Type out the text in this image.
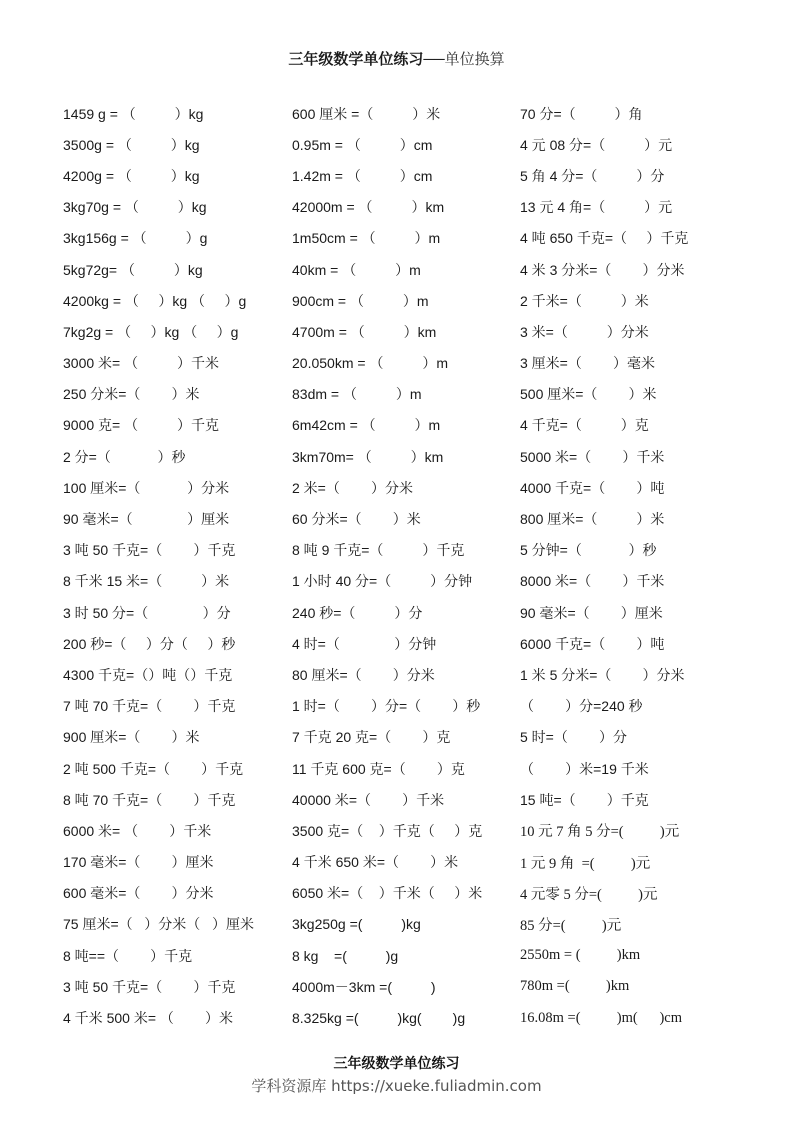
三年级数学单位练习──单位换算
1459 g = （          ）kg	600 厘米 =（          ）米	70 分=（          ）角
3500g = （          ）kg	0.95m = （          ）cm	4 元 08 分=（          ）元
4200g = （          ）kg	1.42m = （          ）cm	5 角 4 分=（          ）分
3kg70g = （          ）kg	42000m = （          ）km	13 元 4 角=（          ）元
3kg156g = （          ）g	1m50cm = （          ）m	4 吨 650 千克=（     ）千克
5kg72g= （          ）kg	40km = （          ）m	4 米 3 分米=（        ）分米
4200kg = （     ）kg （     ）g	900cm = （          ）m	2 千米=（          ）米
7kg2g = （     ）kg （     ）g	4700m = （          ）km	3 米=（          ）分米
3000 米= （          ）千米	20.050km = （          ）m	3 厘米=（        ）毫米
250 分米=（        ）米	83dm = （          ）m	500 厘米=（        ）米
9000 克= （          ）千克	6m42cm = （          ）m	4 千克=（          ）克
2 分=（            ）秒	3km70m= （          ）km	5000 米=（        ）千米
100 厘米=（            ）分米	2 米=（        ）分米	4000 千克=（        ）吨
90 毫米=（              ）厘米	60 分米=（        ）米	800 厘米=（          ）米
3 吨 50 千克=（        ）千克	8 吨 9 千克=（          ）千克	5 分钟=（            ）秒
8 千米 15 米=（          ）米	1 小时 40 分=（          ）分钟	8000 米=（        ）千米
3 时 50 分=（              ）分	240 秒=（          ）分	90 毫米=（        ）厘米
200 秒=（     ）分（     ）秒	4 时=（              ）分钟	6000 千克=（        ）吨
4300 千克=（）吨（）千克	80 厘米=（        ）分米	1 米 5 分米=（        ）分米
7 吨 70 千克=（        ）千克	1 时=（        ）分=（        ）秒	（        ）分=240 秒
900 厘米=（        ）米	7 千克 20 克=（        ）克	5 时=（        ）分
2 吨 500 千克=（        ）千克	11 千克 600 克=（        ）克	（        ）米=19 千米
8 吨 70 千克=（        ）千克	40000 米=（        ）千米	15 吨=（        ）千克
6000 米= （        ）千米	3500 克=（    ）千克（     ）克	10 元 7 角 5 分=(          )元
170 毫米=（        ）厘米	4 千米 650 米=（        ）米	1 元 9 角  =(          )元
600 毫米=（        ）分米	6050 米=（    ）千米（     ）米	4 元零 5 分=(          )元
75 厘米=（   ）分米（   ）厘米	3kg250g =(          )kg	85 分=(          )元
8 吨==（        ）千克	8 kg    =(          )g	2550m = (          )km
3 吨 50 千克=（        ）千克	4000m－3km =(          )	780m =(          )km
4 千米 500 米= （        ）米	8.325kg =(          )kg(        )g	16.08m =(          )m(      )cm
三年级数学单位练习
学科资源库 https://xueke.fuliadmin.com
